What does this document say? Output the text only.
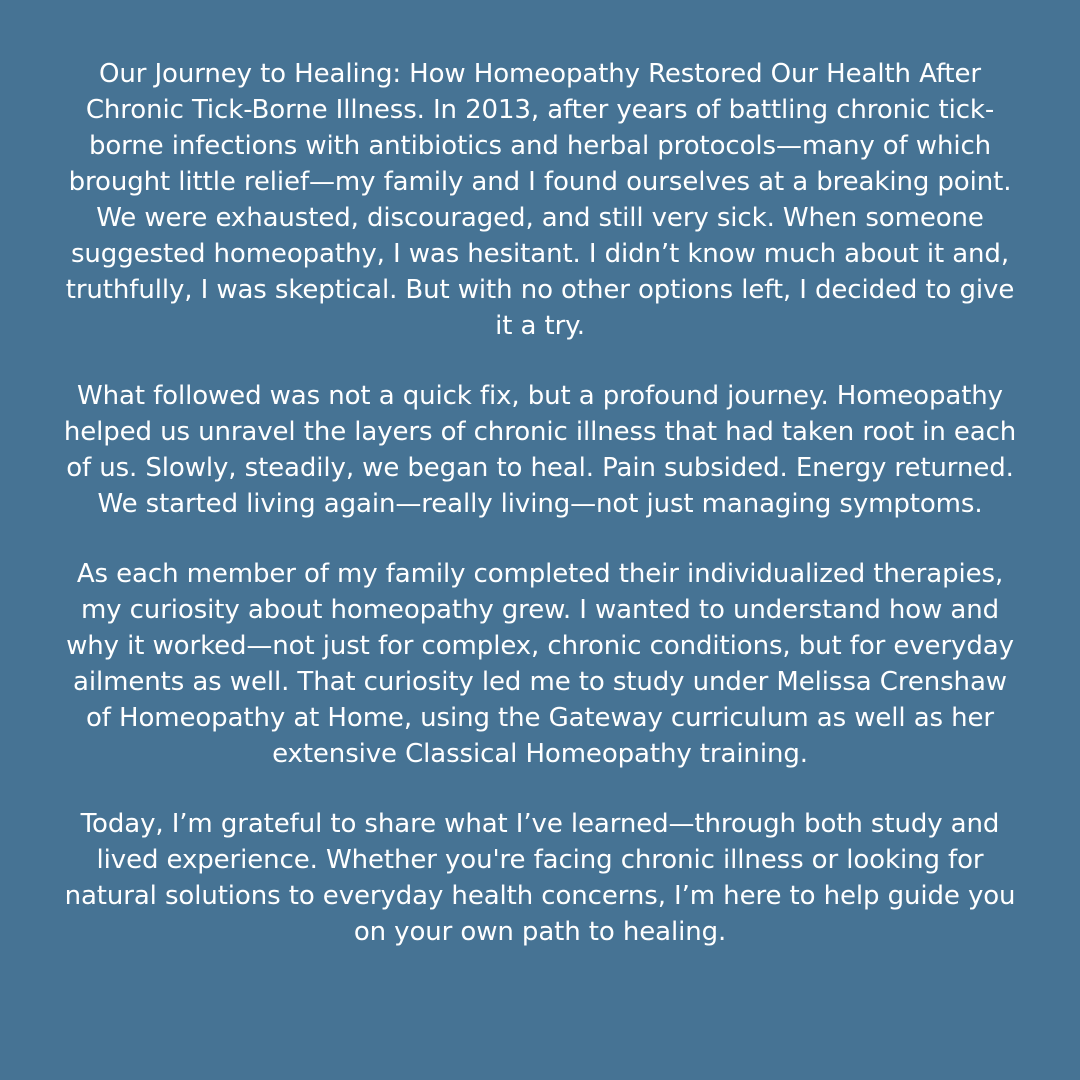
Our Journey to Healing: How Homeopathy Restored Our Health After Chronic Tick-Borne Illness. In 2013, after years of battling chronic tick-borne infections with antibiotics and herbal protocols—many of which brought little relief—my family and I found ourselves at a breaking point. We were exhausted, discouraged, and still very sick. When someone suggested homeopathy, I was hesitant. I didn’t know much about it and, truthfully, I was skeptical. But with no other options left, I decided to give it a try.

What followed was not a quick fix, but a profound journey. Homeopathy helped us unravel the layers of chronic illness that had taken root in each of us. Slowly, steadily, we began to heal. Pain subsided. Energy returned. We started living again—really living—not just managing symptoms.

As each member of my family completed their individualized therapies, my curiosity about homeopathy grew. I wanted to understand how and why it worked—not just for complex, chronic conditions, but for everyday ailments as well. That curiosity led me to study under Melissa Crenshaw of Homeopathy at Home, using the Gateway curriculum as well as her extensive Classical Homeopathy training.

Today, I’m grateful to share what I’ve learned—through both study and lived experience. Whether you're facing chronic illness or looking for natural solutions to everyday health concerns, I’m here to help guide you on your own path to healing.
